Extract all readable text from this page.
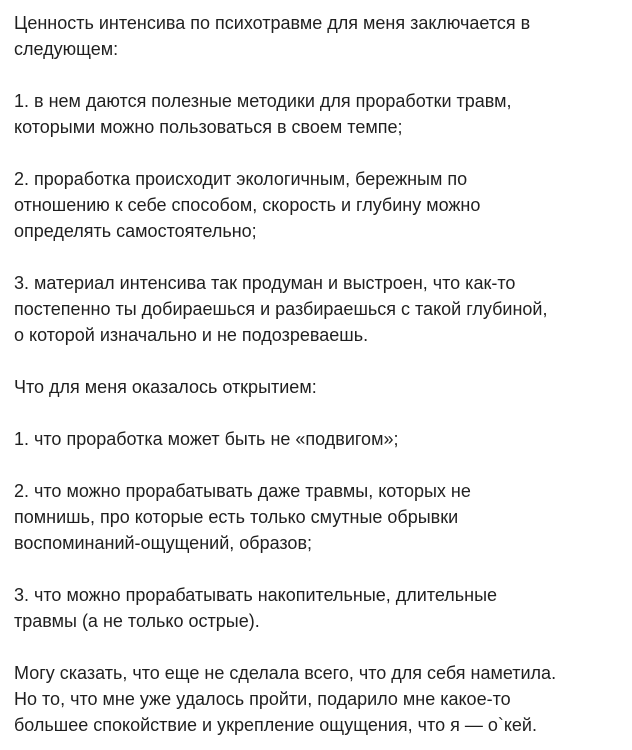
Ценность интенсива по психотравме для меня заключается в
следующем:
1. в нем даются полезные методики для проработки травм,
которыми можно пользоваться в своем темпе;
2. проработка происходит экологичным, бережным по
отношению к себе способом, скорость и глубину можно
определять самостоятельно;
3. материал интенсива так продуман и выстроен, что как-то
постепенно ты добираешься и разбираешься с такой глубиной,
о которой изначально и не подозреваешь.
Что для меня оказалось открытием:
1. что проработка может быть не «подвигом»;
2. что можно прорабатывать даже травмы, которых не
помнишь, про которые есть только смутные обрывки
воспоминаний-ощущений, образов;
3. что можно прорабатывать накопительные, длительные
травмы (а не только острые).
Могу сказать, что еще не сделала всего, что для себя наметила.
Но то, что мне уже удалось пройти, подарило мне какое-то
большее спокойствие и укрепление ощущения, что я — о`кей.
